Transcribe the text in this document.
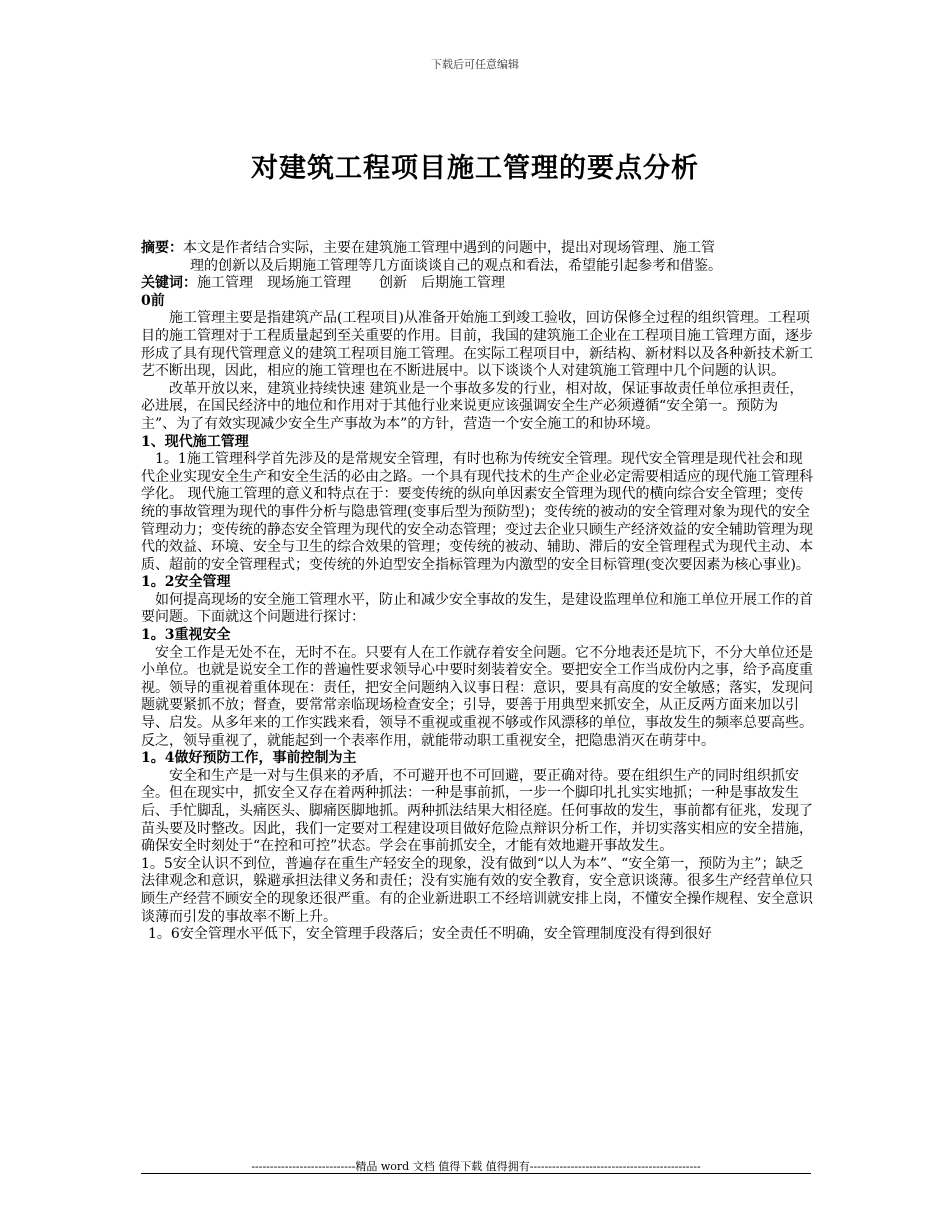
下载后可任意编辑
对建筑工程项目施工管理的要点分析
摘要： 本文是作者结合实际，主要在建筑施工管理中遇到的问题中，提出对现场管理、施工管

理的创新以及后期施工管理等几方面谈谈自己的观点和看法，希望能引起参考和借鉴。

关键词：施工管理　现场施工管理　　创新　后期施工管理

0前

施工管理主要是指建筑产品(工程项目)从准备开始施工到竣工验收，回访保修全过程的组织管理。工程项目的施工管理对于工程质量起到至关重要的作用。目前，我国的建筑施工企业在工程项目施工管理方面，逐步形成了具有现代管理意义的建筑工程项目施工管理。在实际工程项目中，新结构、新材料以及各种新技术新工艺不断出现，因此，相应的施工管理也在不断进展中。以下谈谈个人对建筑施工管理中几个问题的认识。

改革开放以来，建筑业持续快速 建筑业是一个事故多发的行业，相对故，保证事故责任单位承担责任，必进展，在国民经济中的地位和作用对于其他行业来说更应该强调安全生产必须遵循“安全第一。预防为主”、为了有效实现减少安全生产事故为本”的方针，营造一个安全施工的和协环境。

1、现代施工管理

1。1施工管理科学首先涉及的是常规安全管理，有时也称为传统安全管理。现代安全管理是现代社会和现代企业实现安全生产和安全生活的必由之路。一个具有现代技术的生产企业必定需要相适应的现代施工管理科学化。 现代施工管理的意义和特点在于：要变传统的纵向单因素安全管理为现代的横向综合安全管理；变传统的事故管理为现代的事件分析与隐患管理(变事后型为预防型)；变传统的被动的安全管理对象为现代的安全管理动力；变传统的静态安全管理为现代的安全动态管理；变过去企业只顾生产经济效益的安全辅助管理为现代的效益、环境、安全与卫生的综合效果的管理；变传统的被动、辅助、滞后的安全管理程式为现代主动、本质、超前的安全管理程式；变传统的外迫型安全指标管理为内激型的安全目标管理(变次要因素为核心事业)。

1。2安全管理

如何提高现场的安全施工管理水平，防止和减少安全事故的发生，是建设监理单位和施工单位开展工作的首要问题。下面就这个问题进行探讨：

1。3重视安全

安全工作是无处不在，无时不在。只要有人在工作就存着安全问题。它不分地表还是坑下，不分大单位还是小单位。也就是说安全工作的普遍性要求领导心中要时刻装着安全。要把安全工作当成份内之事，给予高度重视。领导的重视着重体现在：责任，把安全问题纳入议事日程：意识，要具有高度的安全敏感；落实，发现问题就要紧抓不放；督查，要常常亲临现场检查安全；引导，要善于用典型来抓安全，从正反两方面来加以引导、启发。从多年来的工作实践来看，领导不重视或重视不够或作风漂移的单位，事故发生的频率总要高些。反之，领导重视了，就能起到一个表率作用，就能带动职工重视安全，把隐患消灭在萌芽中。

1。4做好预防工作，事前控制为主

安全和生产是一对与生俱来的矛盾，不可避开也不可回避，要正确对待。要在组织生产的同时组织抓安全。但在现实中，抓安全又存在着两种抓法：一种是事前抓，一步一个脚印扎扎实实地抓；一种是事故发生后、手忙脚乱，头痛医头、脚痛医脚地抓。两种抓法结果大相径庭。任何事故的发生，事前都有征兆，发现了苗头要及时整改。因此，我们一定要对工程建设项目做好危险点辩识分析工作，并切实落实相应的安全措施，确保安全时刻处于“在控和可控”状态。学会在事前抓安全，才能有效地避开事故发生。

1。5安全认识不到位，普遍存在重生产轻安全的现象，没有做到“以人为本”、“安全第一，预防为主”；缺乏法律观念和意识，躲避承担法律义务和责任；没有实施有效的安全教育，安全意识谈薄。很多生产经营单位只顾生产经营不顾安全的现象还很严重。有的企业新进职工不经培训就安排上岗，不懂安全操作规程、安全意识谈薄而引发的事故率不断上升。

1。6安全管理水平低下，安全管理手段落后；安全责任不明确，安全管理制度没有得到很好

----------------------------精品 word 文档 值得下载 值得拥有----------------------------------------------
